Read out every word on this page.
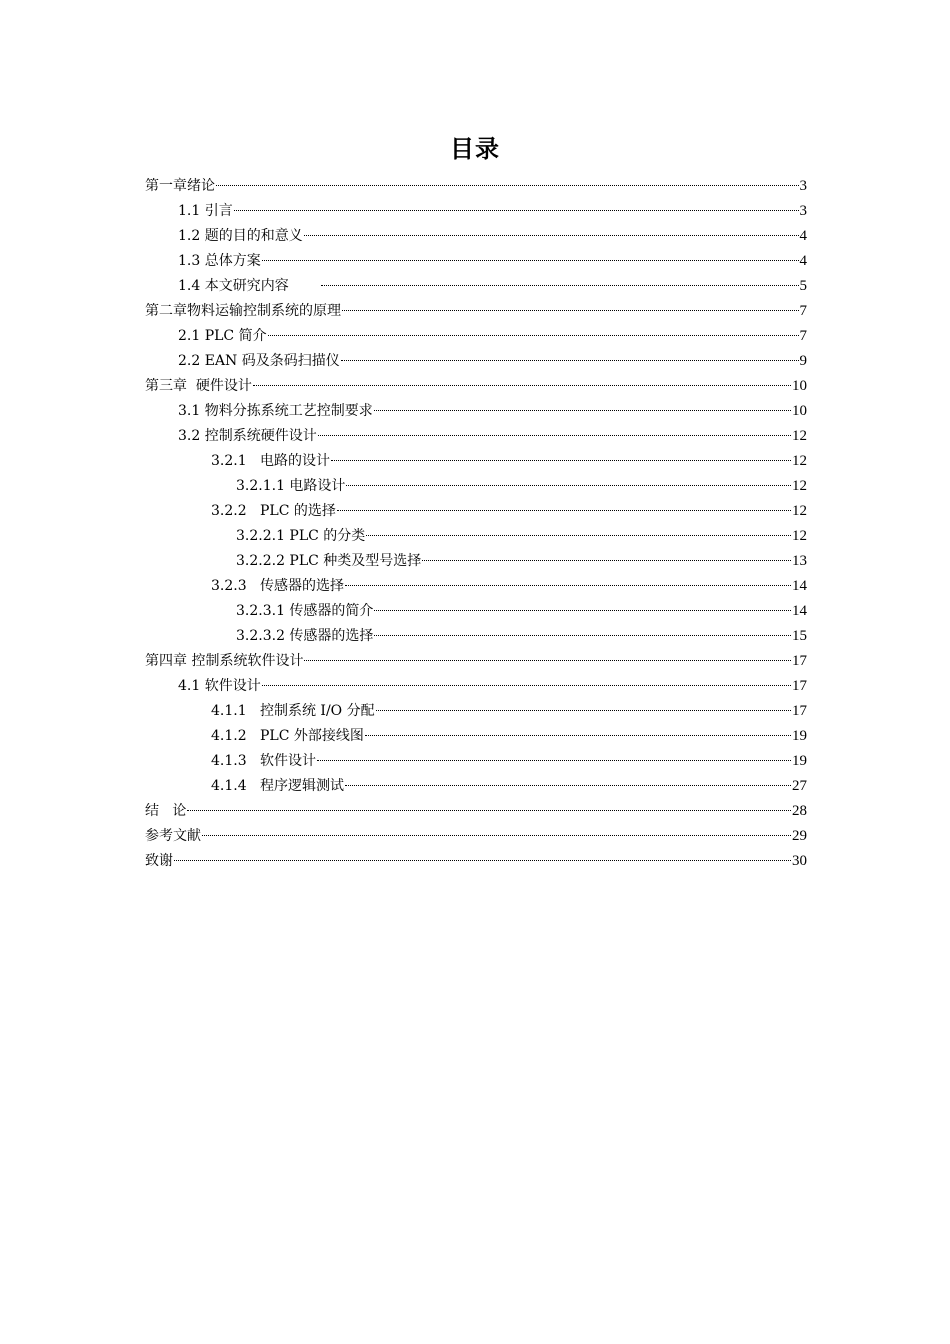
目录
第一章绪论	3
1.1 引言	3
1.2 题的目的和意义	4
1.3 总体方案	4
1.4 本文研究内容	5
第二章物料运输控制系统的原理	7
2.1 PLC 简介	7
2.2 EAN 码及条码扫描仪	9
第三章  硬件设计	10
3.1 物料分拣系统工艺控制要求	10
3.2 控制系统硬件设计	12
3.2.1   电路的设计	12
3.2.1.1 电路设计	12
3.2.2   PLC 的选择	12
3.2.2.1 PLC 的分类	12
3.2.2.2 PLC 种类及型号选择	13
3.2.3   传感器的选择	14
3.2.3.1 传感器的简介	14
3.2.3.2 传感器的选择	15
第四章 控制系统软件设计	17
4.1 软件设计	17
4.1.1   控制系统 I/O 分配	17
4.1.2   PLC 外部接线图	19
4.1.3   软件设计	19
4.1.4   程序逻辑测试	27
结   论	28
参考文献	29
致谢	30
